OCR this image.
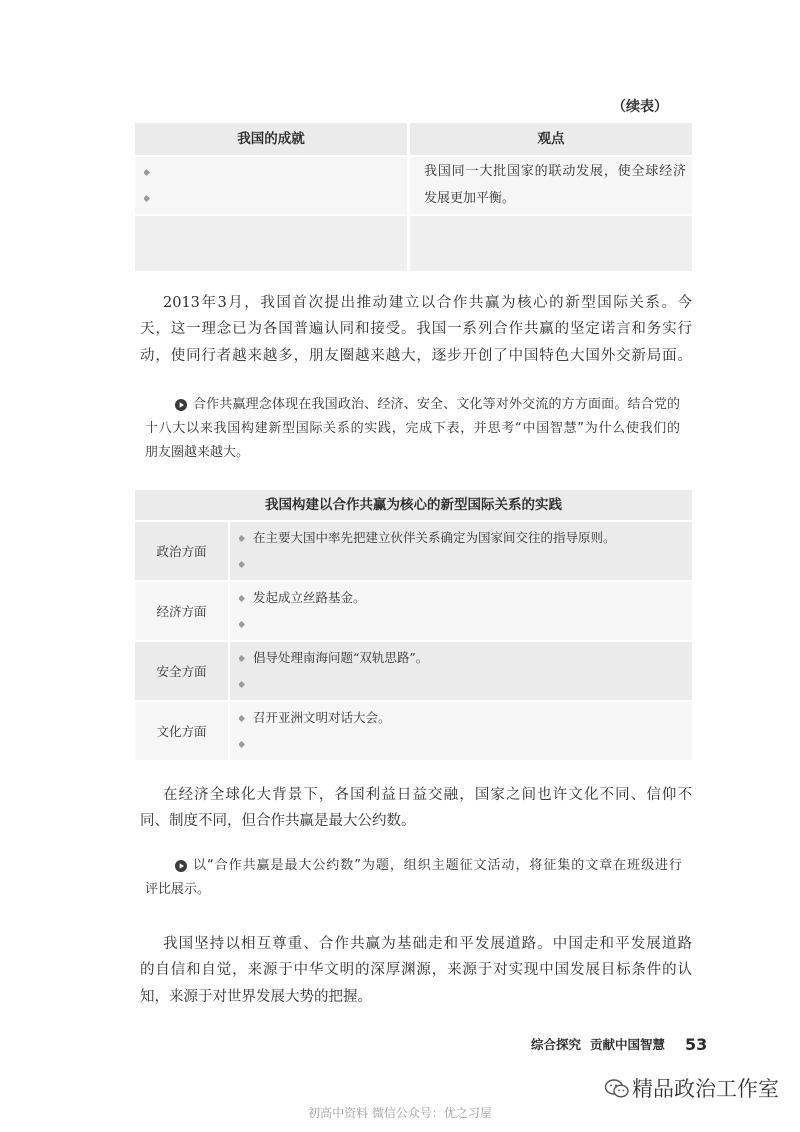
（续表）
我国的成就	观点
我国同一大批国家的联动发展，使全球经济
发展更加平衡。
2013年3月，我国首次提出推动建立以合作共赢为核心的新型国际关系。今
天，这一理念已为各国普遍认同和接受。我国一系列合作共赢的坚定诺言和务实行
动，使同行者越来越多，朋友圈越来越大，逐步开创了中国特色大国外交新局面。
合作共赢理念体现在我国政治、经济、安全、文化等对外交流的方方面面。结合党的
十八大以来我国构建新型国际关系的实践，完成下表，并思考“中国智慧”为什么使我们的
朋友圈越来越大。
我国构建以合作共赢为核心的新型国际关系的实践
政治方面
在主要大国中率先把建立伙伴关系确定为国家间交往的指导原则。
经济方面
发起成立丝路基金。
安全方面
倡导处理南海问题“双轨思路”。
文化方面
召开亚洲文明对话大会。
在经济全球化大背景下，各国利益日益交融，国家之间也许文化不同、信仰不
同、制度不同，但合作共赢是最大公约数。
以“合作共赢是最大公约数”为题，组织主题征文活动，将征集的文章在班级进行
评比展示。
我国坚持以相互尊重、合作共赢为基础走和平发展道路。中国走和平发展道路
的自信和自觉，来源于中华文明的深厚渊源，来源于对实现中国发展目标条件的认
知，来源于对世界发展大势的把握。
综合探究 贡献中国智慧 53
精品政治工作室
初高中资料 微信公众号：优之习屋
